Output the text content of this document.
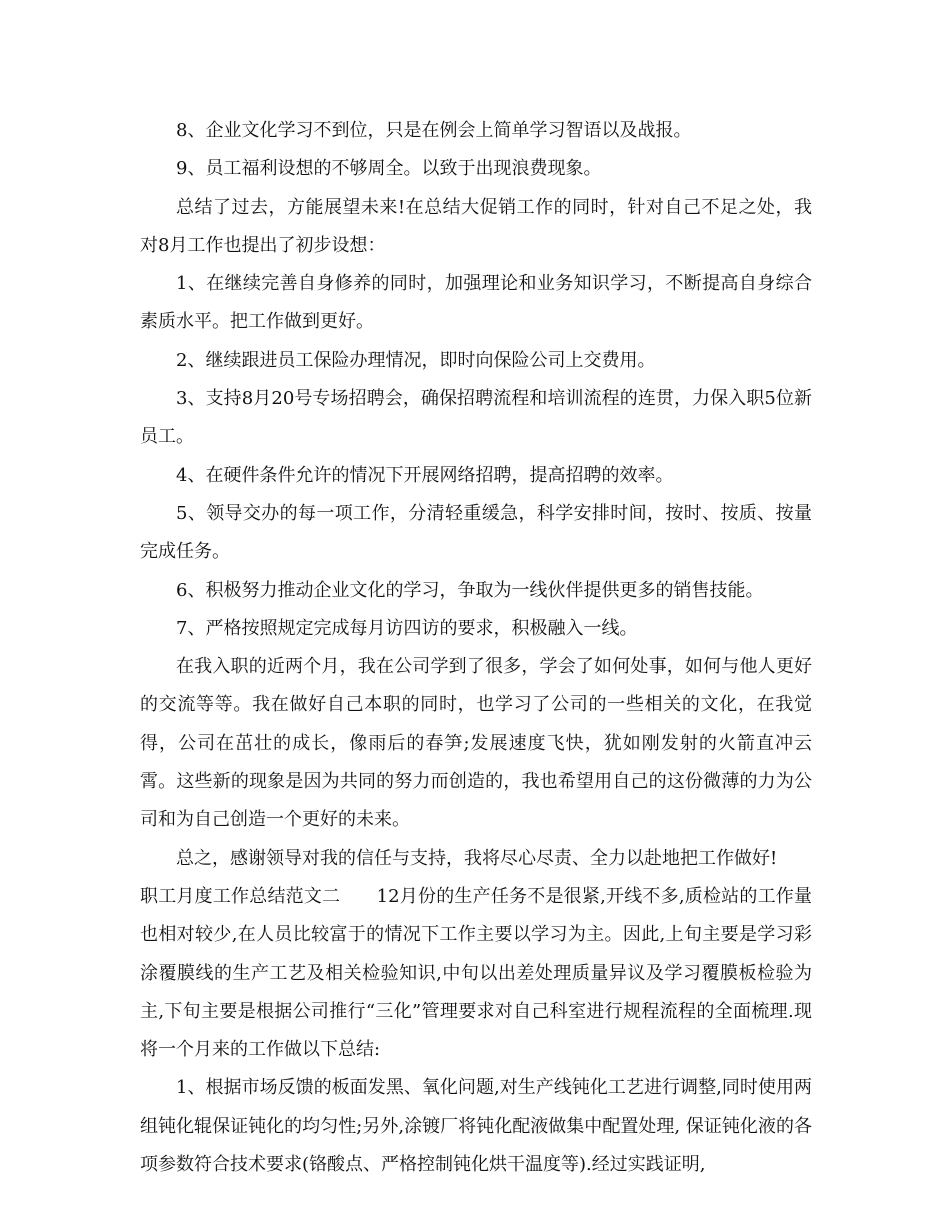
8、企业文化学习不到位，只是在例会上简单学习智语以及战报。

9、员工福利设想的不够周全。以致于出现浪费现象。

总结了过去，方能展望未来!在总结大促销工作的同时，针对自己不足之处，我对8月工作也提出了初步设想：

1、在继续完善自身修养的同时，加强理论和业务知识学习，不断提高自身综合素质水平。把工作做到更好。

2、继续跟进员工保险办理情况，即时向保险公司上交费用。

3、支持8月20号专场招聘会，确保招聘流程和培训流程的连贯，力保入职5位新员工。

4、在硬件条件允许的情况下开展网络招聘，提高招聘的效率。

5、领导交办的每一项工作，分清轻重缓急，科学安排时间，按时、按质、按量完成任务。

6、积极努力推动企业文化的学习，争取为一线伙伴提供更多的销售技能。

7、严格按照规定完成每月访四访的要求，积极融入一线。

在我入职的近两个月，我在公司学到了很多，学会了如何处事，如何与他人更好的交流等等。我在做好自己本职的同时，也学习了公司的一些相关的文化，在我觉得，公司在茁壮的成长，像雨后的春笋;发展速度飞快，犹如刚发射的火箭直冲云霄。这些新的现象是因为共同的努力而创造的，我也希望用自己的这份微薄的力为公司和为自己创造一个更好的未来。

总之，感谢领导对我的信任与支持，我将尽心尽责、全力以赴地把工作做好!

职工月度工作总结范文二　　12月份的生产任务不是很紧,开线不多,质检站的工作量也相对较少,在人员比较富于的情况下工作主要以学习为主。因此,上旬主要是学习彩涂覆膜线的生产工艺及相关检验知识,中旬以出差处理质量异议及学习覆膜板检验为主,下旬主要是根据公司推行“三化”管理要求对自己科室进行规程流程的全面梳理.现将一个月来的工作做以下总结:

1、根据市场反馈的板面发黑、氧化问题,对生产线钝化工艺进行调整,同时使用两组钝化辊保证钝化的均匀性;另外,涂镀厂将钝化配液做集中配置处理, 保证钝化液的各项参数符合技术要求(铬酸点、严格控制钝化烘干温度等).经过实践证明,
